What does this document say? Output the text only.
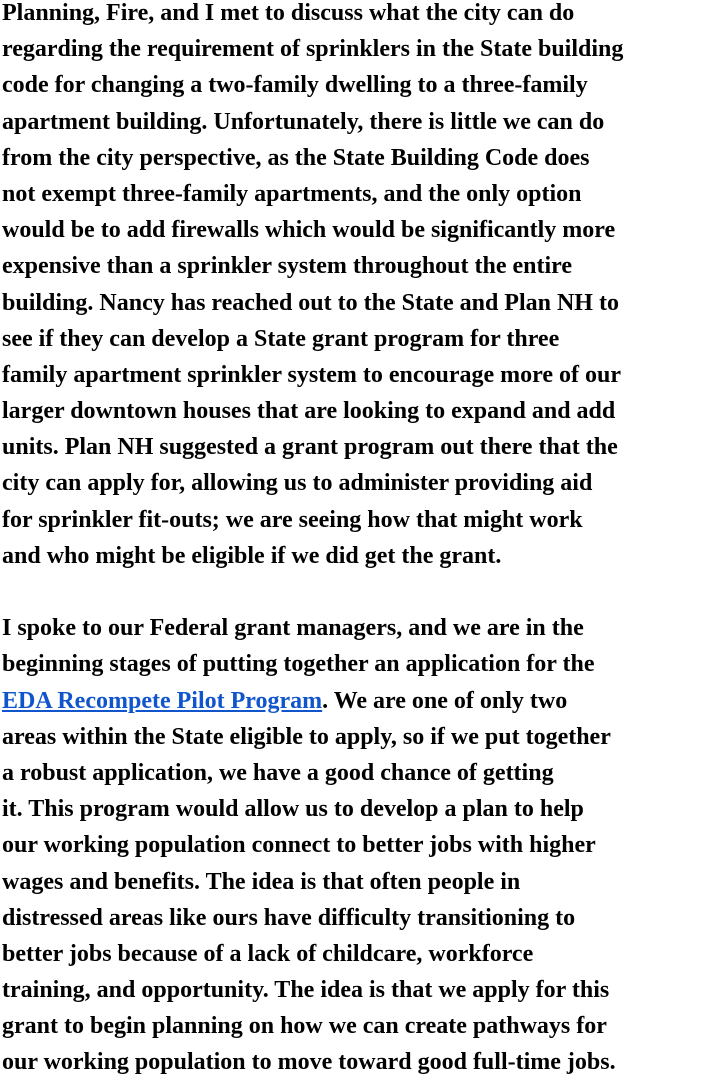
Planning, Fire, and I met to discuss what the city can do
regarding the requirement of sprinklers in the State building
code for changing a two-family dwelling to a three-family
apartment building. Unfortunately, there is little we can do
from the city perspective, as the State Building Code does
not exempt three-family apartments, and the only option
would be to add firewalls which would be significantly more
expensive than a sprinkler system throughout the entire
building. Nancy has reached out to the State and Plan NH to
see if they can develop a State grant program for three
family apartment sprinkler system to encourage more of our
larger downtown houses that are looking to expand and add
units. Plan NH suggested a grant program out there that the
city can apply for, allowing us to administer providing aid
for sprinkler fit-outs; we are seeing how that might work
and who might be eligible if we did get the grant.
I spoke to our Federal grant managers, and we are in the
beginning stages of putting together an application for the
EDA Recompete Pilot Program. We are one of only two
areas within the State eligible to apply, so if we put together
a robust application, we have a good chance of getting
it. This program would allow us to develop a plan to help
our working population connect to better jobs with higher
wages and benefits. The idea is that often people in
distressed areas like ours have difficulty transitioning to
better jobs because of a lack of childcare, workforce
training, and opportunity. The idea is that we apply for this
grant to begin planning on how we can create pathways for
our working population to move toward good full-time jobs.
